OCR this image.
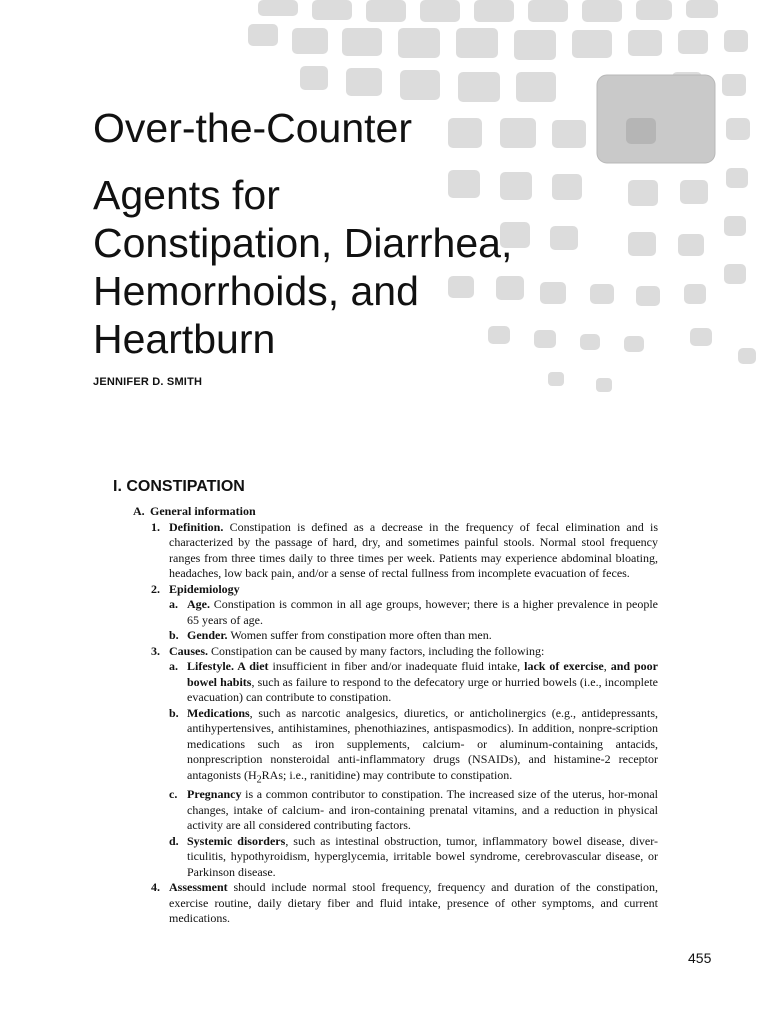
Over-the-Counter
Agents for
Constipation, Diarrhea,
Hemorrhoids, and
Heartburn

JENNIFER D. SMITH

I. CONSTIPATION
A. General information
1. Definition. Constipation is defined as a decrease in the frequency of fecal elimination and is characterized by the passage of hard, dry, and sometimes painful stools. Normal stool frequency ranges from three times daily to three times per week. Patients may experience abdominal bloating, headaches, low back pain, and/or a sense of rectal fullness from incomplete evacuation of feces.
2. Epidemiology
a. Age. Constipation is common in all age groups, however; there is a higher prevalence in people 65 years of age.
b. Gender. Women suffer from constipation more often than men.
3. Causes. Constipation can be caused by many factors, including the following:
a. Lifestyle. A diet insufficient in fiber and/or inadequate fluid intake, lack of exercise, and poor bowel habits, such as failure to respond to the defecatory urge or hurried bowels (i.e., incomplete evacuation) can contribute to constipation.
b. Medications, such as narcotic analgesics, diuretics, or anticholinergics (e.g., antidepressants, antihypertensives, antihistamines, phenothiazines, antispasmodics). In addition, nonpre-scription medications such as iron supplements, calcium- or aluminum-containing antacids, nonprescription nonsteroidal anti-inflammatory drugs (NSAIDs), and histamine-2 receptor antagonists ($H_2RAs$; i.e., ranitidine) may contribute to constipation.
c. Pregnancy is a common contributor to constipation. The increased size of the uterus, hor-monal changes, intake of calcium- and iron-containing prenatal vitamins, and a reduction in physical activity are all considered contributing factors.
d. Systemic disorders, such as intestinal obstruction, tumor, inflammatory bowel disease, diver-ticulitis, hypothyroidism, hyperglycemia, irritable bowel syndrome, cerebrovascular disease, or Parkinson disease.
4. Assessment should include normal stool frequency, frequency and duration of the constipation, exercise routine, daily dietary fiber and fluid intake, presence of other symptoms, and current medications.
455
